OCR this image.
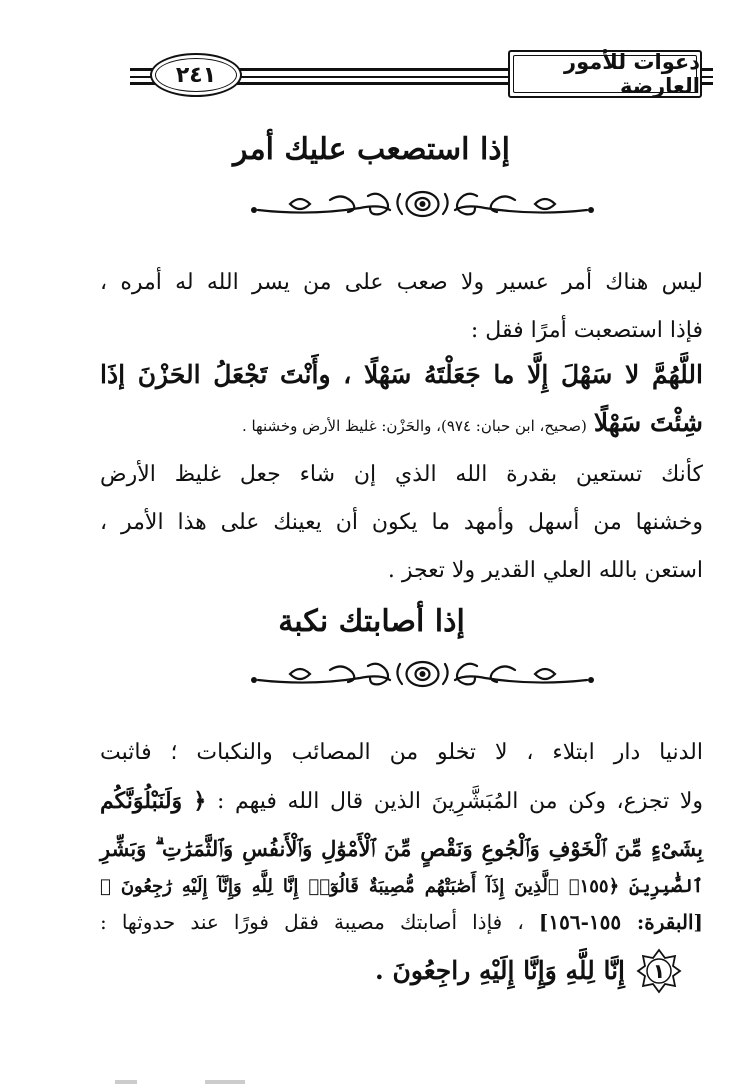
دعوات للأمور العارضة
٢٤١
إذا استصعب عليك أمر
ليس هناك أمر عسير ولا صعب على من يسر الله له أمره ،
فإذا استصعبت أمرًا فقل :
اللَّهُمَّ لا سَهْلَ إِلَّا ما جَعَلْتَهُ سَهْلًا ، وأَنْتَ تَجْعَلُ الحَزْنَ إذَا
شِئْتَ سَهْلًا (صحيح، ابن حبان: ٩٧٤)، والحَزْن: غليظ الأرض وخشنها .
كأنك تستعين بقدرة الله الذي إن شاء جعل غليظ الأرض
وخشنها من أسهل وأمهد ما يكون أن يعينك على هذا الأمر ،
استعن بالله العلي القدير ولا تعجز .
إذا أصابتك نكبة
الدنيا دار ابتلاء ، لا تخلو من المصائب والنكبات ؛ فاثبت
ولا تجزع، وكن من المُبَشَّرِينَ الذين قال الله فيهم : ﴿ وَلَنَبْلُوَنَّكُم
بِشَىْءٍ مِّنَ ٱلْخَوْفِ وَٱلْجُوعِ وَنَقْصٍ مِّنَ ٱلْأَمْوَٰلِ وَٱلْأَنفُسِ وَٱلثَّمَرَٰتِ ۗ وَبَشِّرِ
ٱلصَّٰبِرِينَ ﴿١٥٥﴾ ٱلَّذِينَ إِذَآ أَصَٰبَتْهُم مُّصِيبَةٌ قَالُوٓا۟ إِنَّا لِلَّهِ وَإِنَّآ إِلَيْهِ رَٰجِعُونَ ﴾
[البقرة: ١٥٥-١٥٦] ، فإذا أصابتك مصيبة فقل فورًا عند حدوثها :
١
إِنَّا لِلَّهِ وَإِنَّا إِلَيْهِ راجِعُونَ .
